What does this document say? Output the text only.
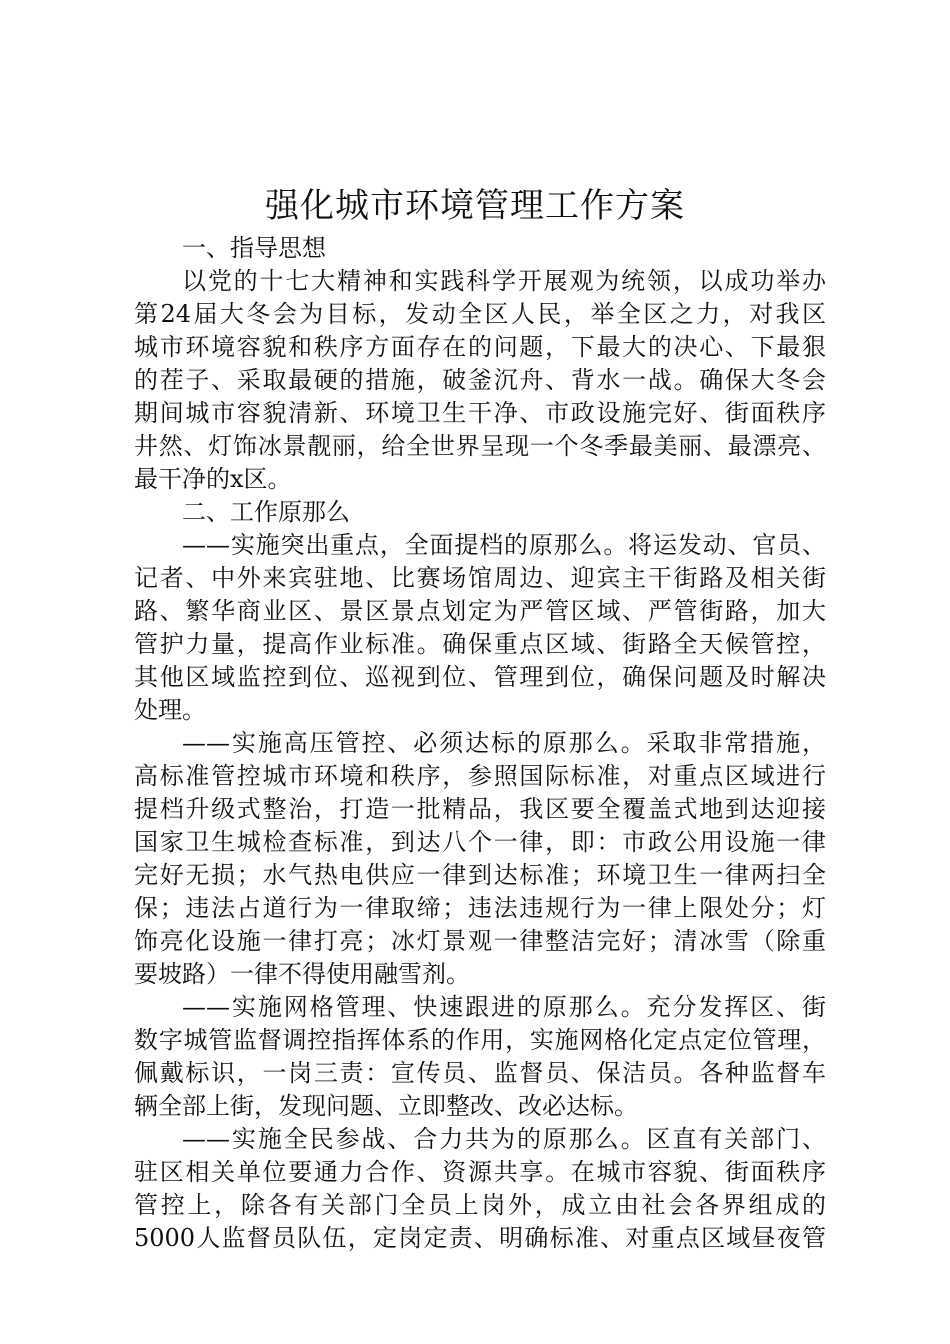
强化城市环境管理工作方案
一、指导思想
以党的十七大精神和实践科学开展观为统领，以成功举办
第24届大冬会为目标，发动全区人民，举全区之力，对我区
城市环境容貌和秩序方面存在的问题，下最大的决心、下最狠
的茬子、采取最硬的措施，破釜沉舟、背水一战。确保大冬会
期间城市容貌清新、环境卫生干净、市政设施完好、街面秩序
井然、灯饰冰景靓丽，给全世界呈现一个冬季最美丽、最漂亮、
最干净的x区。
二、工作原那么
——实施突出重点，全面提档的原那么。将运发动、官员、
记者、中外来宾驻地、比赛场馆周边、迎宾主干街路及相关街
路、繁华商业区、景区景点划定为严管区域、严管街路，加大
管护力量，提高作业标准。确保重点区域、街路全天候管控，
其他区域监控到位、巡视到位、管理到位，确保问题及时解决
处理。
——实施高压管控、必须达标的原那么。采取非常措施，
高标准管控城市环境和秩序，参照国际标准，对重点区域进行
提档升级式整治，打造一批精品，我区要全覆盖式地到达迎接
国家卫生城检查标准，到达八个一律，即：市政公用设施一律
完好无损；水气热电供应一律到达标准；环境卫生一律两扫全
保；违法占道行为一律取缔；违法违规行为一律上限处分；灯
饰亮化设施一律打亮；冰灯景观一律整洁完好；清冰雪（除重
要坡路）一律不得使用融雪剂。
——实施网格管理、快速跟进的原那么。充分发挥区、街
数字城管监督调控指挥体系的作用，实施网格化定点定位管理，
佩戴标识，一岗三责：宣传员、监督员、保洁员。各种监督车
辆全部上街，发现问题、立即整改、改必达标。
——实施全民参战、合力共为的原那么。区直有关部门、
驻区相关单位要通力合作、资源共享。在城市容貌、街面秩序
管控上，除各有关部门全员上岗外，成立由社会各界组成的
5000人监督员队伍，定岗定责、明确标准、对重点区域昼夜管
